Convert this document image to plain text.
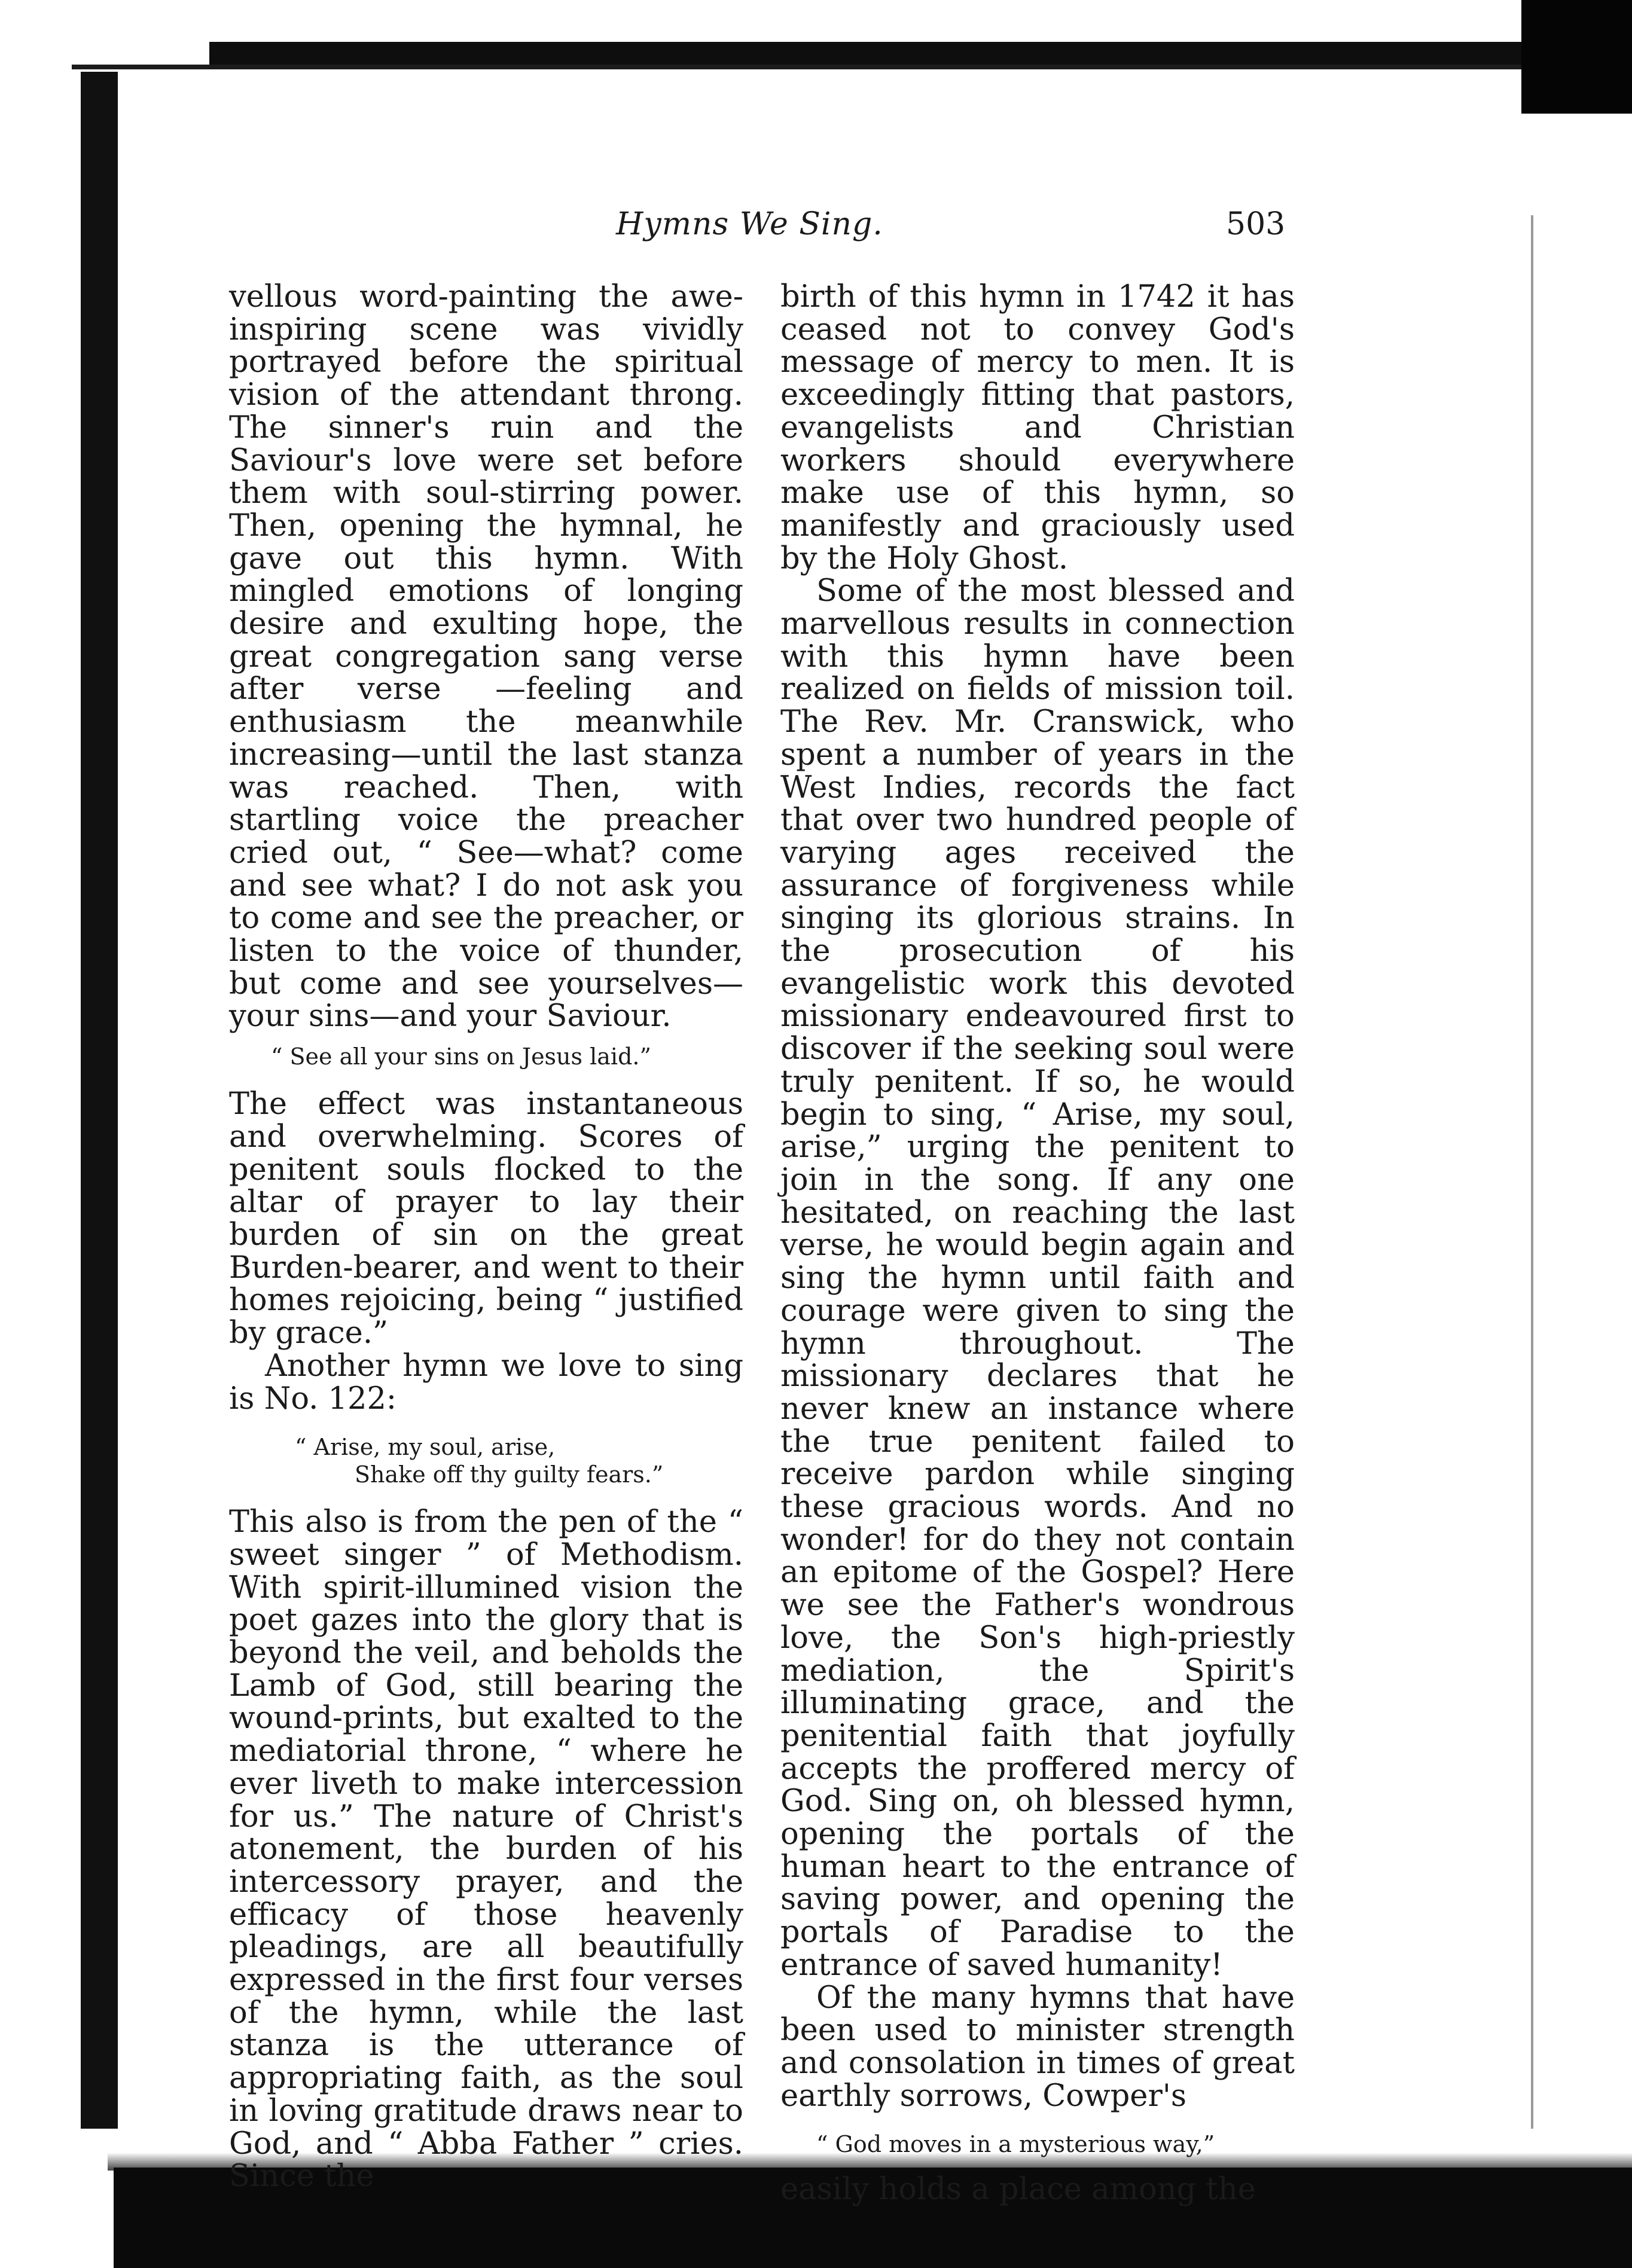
Hymns We Sing.	503

vellous word-painting the awe-inspiring scene was vividly portrayed before the spiritual vision of the attendant throng. The sinner's ruin and the Saviour's love were set before them with soul-stirring power. Then, opening the hymnal, he gave out this hymn. With mingled emotions of longing desire and exulting hope, the great congregation sang verse after verse —feeling and enthusiasm the meanwhile increasing—until the last stanza was reached. Then, with startling voice the preacher cried out, “ See—what? come and see what? I do not ask you to come and see the preacher, or listen to the voice of thunder, but come and see yourselves—your sins—and your Saviour.

“ See all your sins on Jesus laid.”

The effect was instantaneous and overwhelming. Scores of penitent souls flocked to the altar of prayer to lay their burden of sin on the great Burden-bearer, and went to their homes rejoicing, being “ justified by grace.”

Another hymn we love to sing is No. 122:

“ Arise, my soul, arise,
Shake off thy guilty fears.”

This also is from the pen of the “ sweet singer ” of Methodism. With spirit-illumined vision the poet gazes into the glory that is beyond the veil, and beholds the Lamb of God, still bearing the wound-prints, but exalted to the mediatorial throne, “ where he ever liveth to make intercession for us.” The nature of Christ's atonement, the burden of his intercessory prayer, and the efficacy of those heavenly pleadings, are all beautifully expressed in the first four verses of the hymn, while the last stanza is the utterance of appropriating faith, as the soul in loving gratitude draws near to God, and “ Abba Father ” cries. Since the

birth of this hymn in 1742 it has ceased not to convey God's message of mercy to men. It is exceedingly fitting that pastors, evangelists and Christian workers should everywhere make use of this hymn, so manifestly and graciously used by the Holy Ghost.

Some of the most blessed and marvellous results in connection with this hymn have been realized on fields of mission toil. The Rev. Mr. Cranswick, who spent a number of years in the West Indies, records the fact that over two hundred people of varying ages received the assurance of forgiveness while singing its glorious strains. In the prosecution of his evangelistic work this devoted missionary endeavoured first to discover if the seeking soul were truly penitent. If so, he would begin to sing, “ Arise, my soul, arise,” urging the penitent to join in the song. If any one hesitated, on reaching the last verse, he would begin again and sing the hymn until faith and courage were given to sing the hymn throughout. The missionary declares that he never knew an instance where the true penitent failed to receive pardon while singing these gracious words. And no wonder! for do they not contain an epitome of the Gospel? Here we see the Father's wondrous love, the Son's high-priestly mediation, the Spirit's illuminating grace, and the penitential faith that joyfully accepts the proffered mercy of God. Sing on, oh blessed hymn, opening the portals of the human heart to the entrance of saving power, and opening the portals of Paradise to the entrance of saved humanity!

Of the many hymns that have been used to minister strength and consolation in times of great earthly sorrows, Cowper's

“ God moves in a mysterious way,”

easily holds a place among the
